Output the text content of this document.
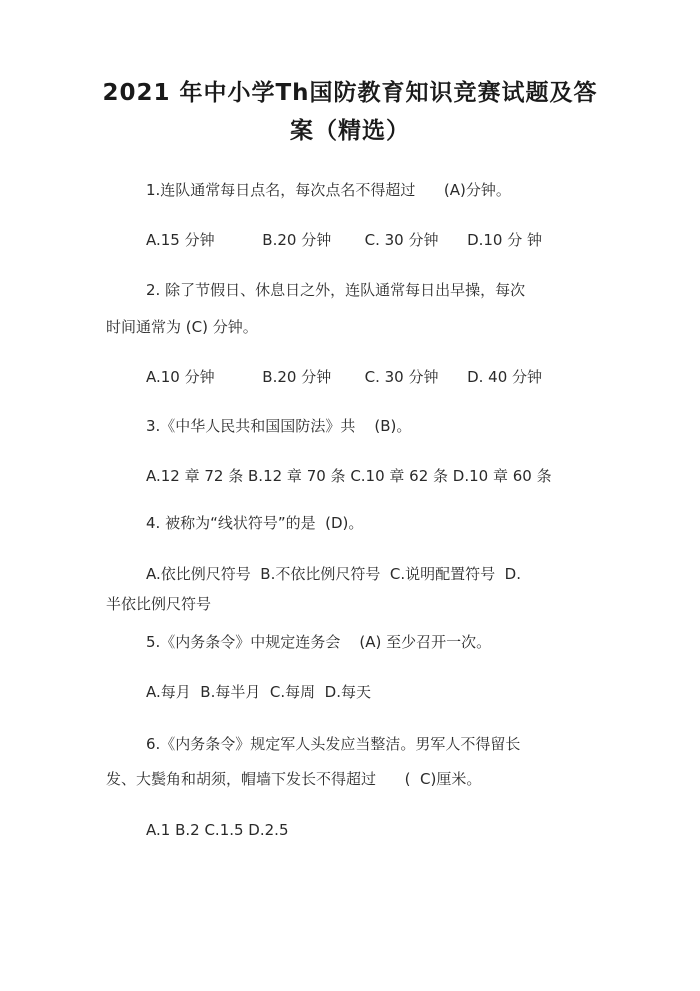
2021 年中小学Th国防教育知识竞赛试题及答
案（精选）
1.连队通常每日点名，每次点名不得超过      (A)分钟。
A.15 分钟          B.20 分钟       C. 30 分钟      D.10 分 钟
2. 除了节假日、休息日之外，连队通常每日出早操，每次
时间通常为 (C) 分钟。
A.10 分钟          B.20 分钟       C. 30 分钟      D. 40 分钟
3.《中华人民共和国国防法》共    (B)。
A.12 章 72 条 B.12 章 70 条 C.10 章 62 条 D.10 章 60 条
4. 被称为“线状符号”的是  (D)。
A.依比例尺符号  B.不依比例尺符号  C.说明配置符号  D.
半依比例尺符号
5.《内务条令》中规定连务会    (A) 至少召开一次。
A.每月  B.每半月  C.每周  D.每天
6.《内务条令》规定军人头发应当整洁。男军人不得留长
发、大鬓角和胡须，帽墙下发长不得超过      (  C)厘米。
A.1 B.2 C.1.5 D.2.5
